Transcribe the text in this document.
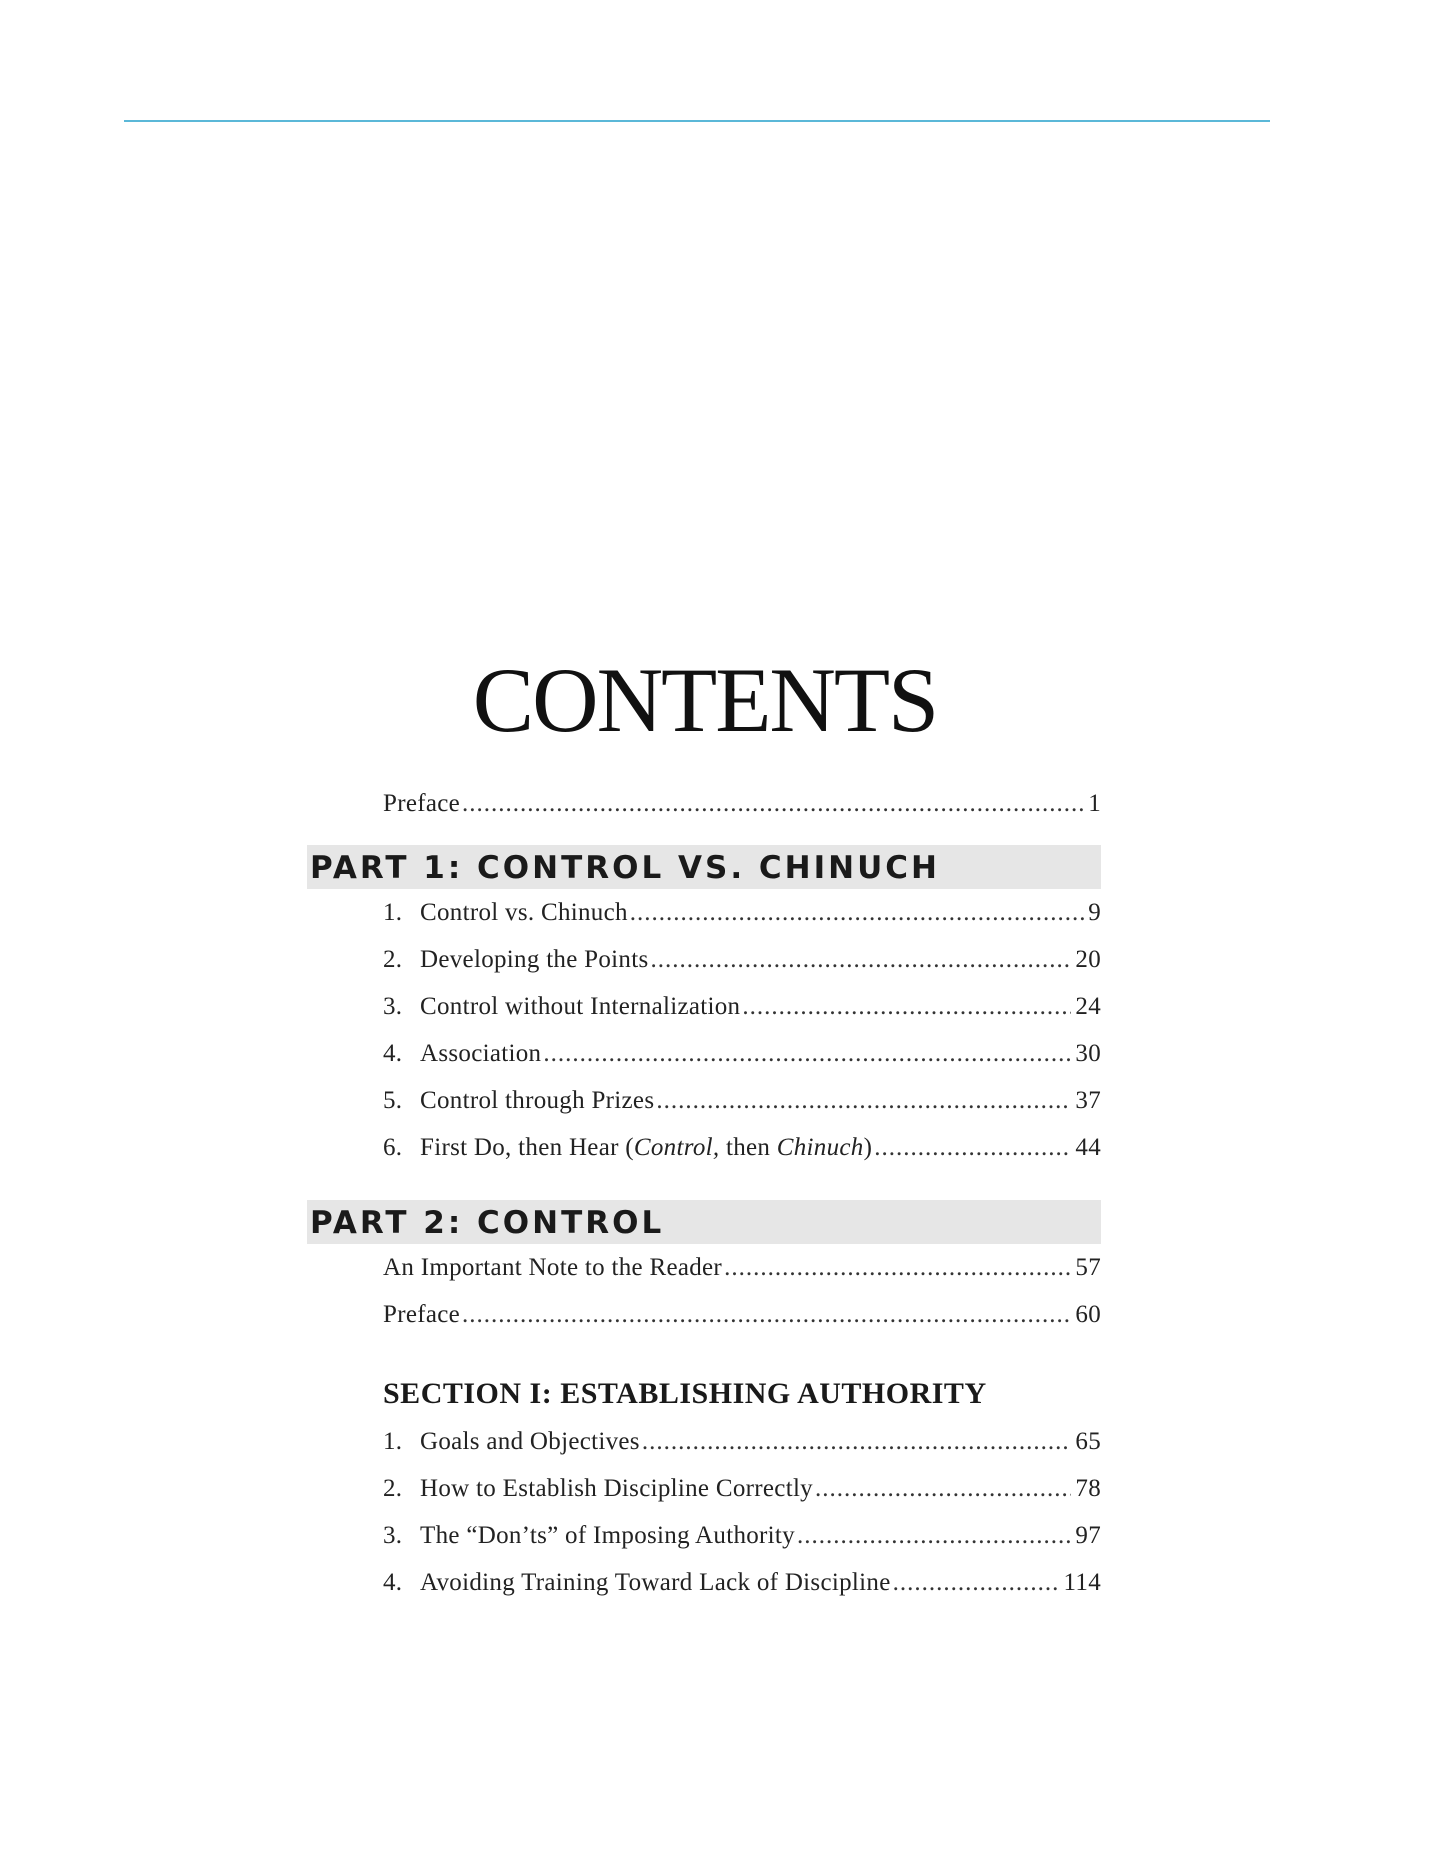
CONTENTS
Preface .....	1
PART 1: CONTROL VS. CHINUCH
1. Control vs. Chinuch .....	9
2. Developing the Points .....	20
3. Control without Internalization .....	24
4. Association .....	30
5. Control through Prizes .....	37
6. First Do, then Hear (Control, then Chinuch) .....	44
PART 2: CONTROL
An Important Note to the Reader .....	57
Preface .....	60
SECTION I: ESTABLISHING AUTHORITY
1. Goals and Objectives .....	65
2. How to Establish Discipline Correctly .....	78
3. The “Don’ts” of Imposing Authority .....	97
4. Avoiding Training Toward Lack of Discipline .....	114
